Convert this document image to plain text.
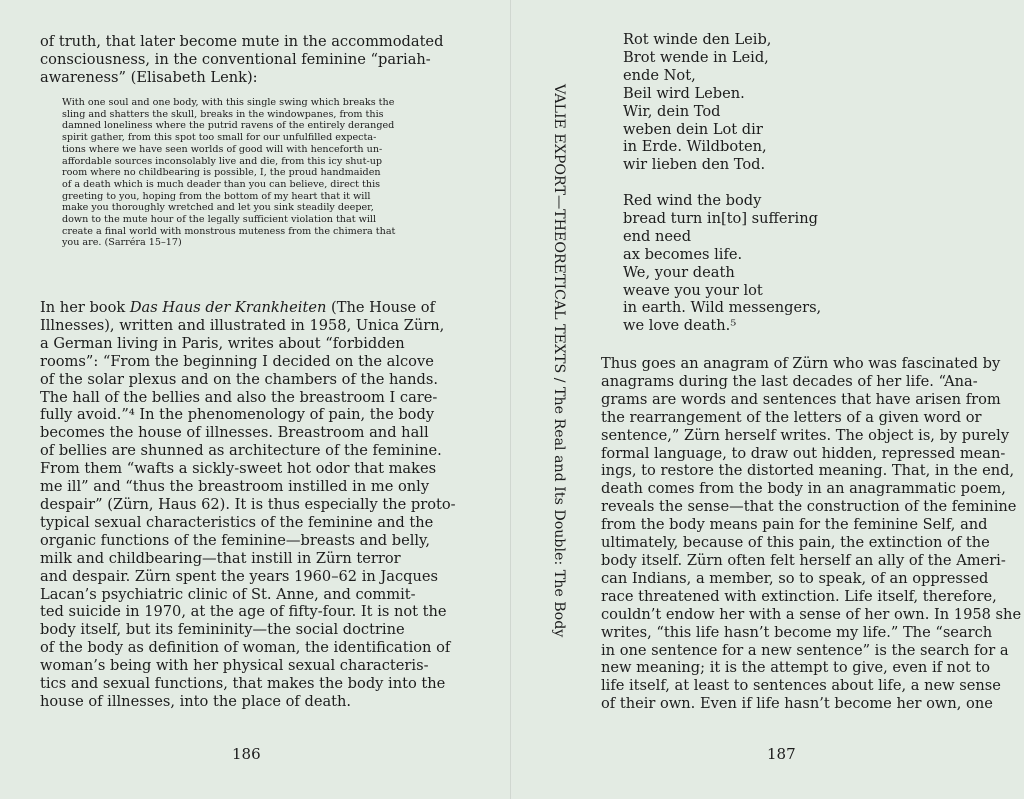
of truth, that later become mute in the accommodated
consciousness, in the conventional feminine “pariah-
awareness” (Elisabeth Lenk):
With one soul and one body, with this single swing which breaks the
sling and shatters the skull, breaks in the windowpanes, from this
damned loneliness where the putrid ravens of the entirely deranged
spirit gather, from this spot too small for our unfulfilled expecta-
tions where we have seen worlds of good will with henceforth un-
affordable sources inconsolably live and die, from this icy shut-up
room where no childbearing is possible, I, the proud handmaiden
of a death which is much deader than you can believe, direct this
greeting to you, hoping from the bottom of my heart that it will
make you thoroughly wretched and let you sink steadily deeper,
down to the mute hour of the legally sufficient violation that will
create a final world with monstrous muteness from the chimera that
you are. (Sarréra 15–17)
In her book Das Haus der Krankheiten (The House of
Illnesses), written and illustrated in 1958, Unica Zürn,
a German living in Paris, writes about “forbidden
rooms”: “From the beginning I decided on the alcove
of the solar plexus and on the chambers of the hands.
The hall of the bellies and also the breastroom I care-
fully avoid.”⁴ In the phenomenology of pain, the body
becomes the house of illnesses. Breastroom and hall
of bellies are shunned as architecture of the feminine.
From them “wafts a sickly-sweet hot odor that makes
me ill” and “thus the breastroom instilled in me only
despair” (Zürn, Haus 62). It is thus especially the proto-
typical sexual characteristics of the feminine and the
organic functions of the feminine—breasts and belly,
milk and childbearing—that instill in Zürn terror
and despair. Zürn spent the years 1960–62 in Jacques
Lacan’s psychiatric clinic of St. Anne, and commit-
ted suicide in 1970, at the age of fifty-four. It is not the
body itself, but its femininity—the social doctrine
of the body as definition of woman, the identification of
woman’s being with her physical sexual characteris-
tics and sexual functions, that makes the body into the
house of illnesses, into the place of death.

186

VALIE EXPORT—THEORETICAL TEXTS / The Real and Its Double: The Body

Rot winde den Leib,
Brot wende in Leid,
ende Not,
Beil wird Leben.
Wir, dein Tod
weben dein Lot dir
in Erde. Wildboten,
wir lieben den Tod.
Red wind the body
bread turn in[to] suffering
end need
ax becomes life.
We, your death
weave you your lot
in earth. Wild messengers,
we love death.⁵
Thus goes an anagram of Zürn who was fascinated by
anagrams during the last decades of her life. “Ana-
grams are words and sentences that have arisen from
the rearrangement of the letters of a given word or
sentence,” Zürn herself writes. The object is, by purely
formal language, to draw out hidden, repressed mean-
ings, to restore the distorted meaning. That, in the end,
death comes from the body in an anagrammatic poem,
reveals the sense—that the construction of the feminine
from the body means pain for the feminine Self, and
ultimately, because of this pain, the extinction of the
body itself. Zürn often felt herself an ally of the Ameri-
can Indians, a member, so to speak, of an oppressed
race threatened with extinction. Life itself, therefore,
couldn’t endow her with a sense of her own. In 1958 she
writes, “this life hasn’t become my life.” The “search
in one sentence for a new sentence” is the search for a
new meaning; it is the attempt to give, even if not to
life itself, at least to sentences about life, a new sense
of their own. Even if life hasn’t become her own, one

187
